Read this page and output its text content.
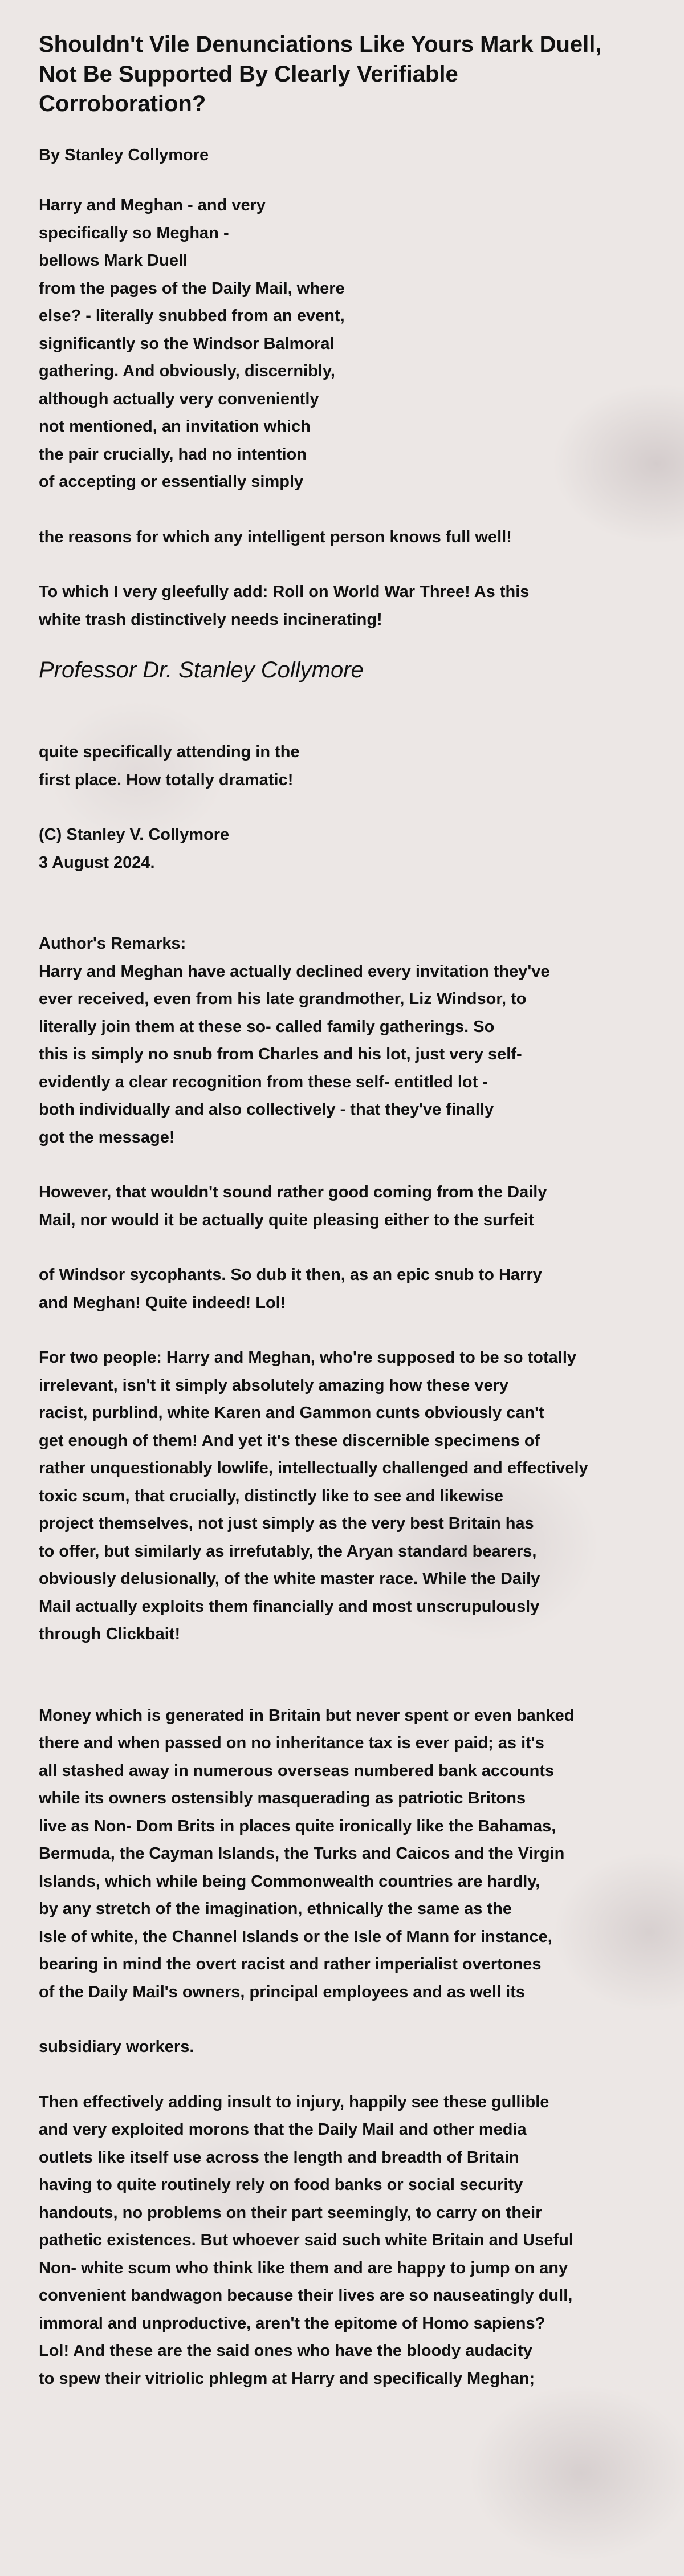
Shouldn't Vile Denunciations Like Yours Mark Duell, Not Be Supported By Clearly Verifiable Corroboration?
By Stanley Collymore
Harry and Meghan - and very
specifically so Meghan -
bellows Mark Duell
from the pages of the Daily Mail, where
else? - literally snubbed from an event,
significantly so the Windsor Balmoral
gathering. And obviously, discernibly,
although actually very conveniently
not mentioned, an invitation which
the pair crucially, had no intention
of accepting or essentially simply
the reasons for which any intelligent person knows full well!
To which I very gleefully add: Roll on World War Three! As this
white trash distinctively needs incinerating!
Professor Dr. Stanley Collymore
quite specifically attending in the
first place. How totally dramatic!
(C) Stanley V. Collymore
3 August 2024.
Author's Remarks:
Harry and Meghan have actually declined every invitation they've
ever received, even from his late grandmother, Liz Windsor, to
literally join them at these so- called family gatherings. So
this is simply no snub from Charles and his lot, just very self-
evidently a clear recognition from these self- entitled lot -
both individually and also collectively - that they've finally
got the message!
However, that wouldn't sound rather good coming from the Daily
Mail, nor would it be actually quite pleasing either to the surfeit
of Windsor sycophants. So dub it then, as an epic snub to Harry
and Meghan! Quite indeed! Lol!
For two people: Harry and Meghan, who're supposed to be so totally
irrelevant, isn't it simply absolutely amazing how these very
racist, purblind, white Karen and Gammon cunts obviously can't
get enough of them! And yet it's these discernible specimens of
rather unquestionably lowlife, intellectually challenged and effectively
toxic scum, that crucially, distinctly like to see and likewise
project themselves, not just simply as the very best Britain has
to offer, but similarly as irrefutably, the Aryan standard bearers,
obviously delusionally, of the white master race. While the Daily
Mail actually exploits them financially and most unscrupulously
through Clickbait!
Money which is generated in Britain but never spent or even banked
there and when passed on no inheritance tax is ever paid; as it's
all stashed away in numerous overseas numbered bank accounts
while its owners ostensibly masquerading as patriotic Britons
live as Non- Dom Brits in places quite ironically like the Bahamas,
Bermuda, the Cayman Islands, the Turks and Caicos and the Virgin
Islands, which while being Commonwealth countries are hardly,
by any stretch of the imagination, ethnically the same as the
Isle of white, the Channel Islands or the Isle of Mann for instance,
bearing in mind the overt racist and rather imperialist overtones
of the Daily Mail's owners, principal employees and as well its
subsidiary workers.
Then effectively adding insult to injury, happily see these gullible
and very exploited morons that the Daily Mail and other media
outlets like itself use across the length and breadth of Britain
having to quite routinely rely on food banks or social security
handouts, no problems on their part seemingly, to carry on their
pathetic existences. But whoever said such white Britain and Useful
Non- white scum who think like them and are happy to jump on any
convenient bandwagon because their lives are so nauseatingly dull,
immoral and unproductive, aren't the epitome of Homo sapiens?
Lol! And these are the said ones who have the bloody audacity
to spew their vitriolic phlegm at Harry and specifically Meghan;
